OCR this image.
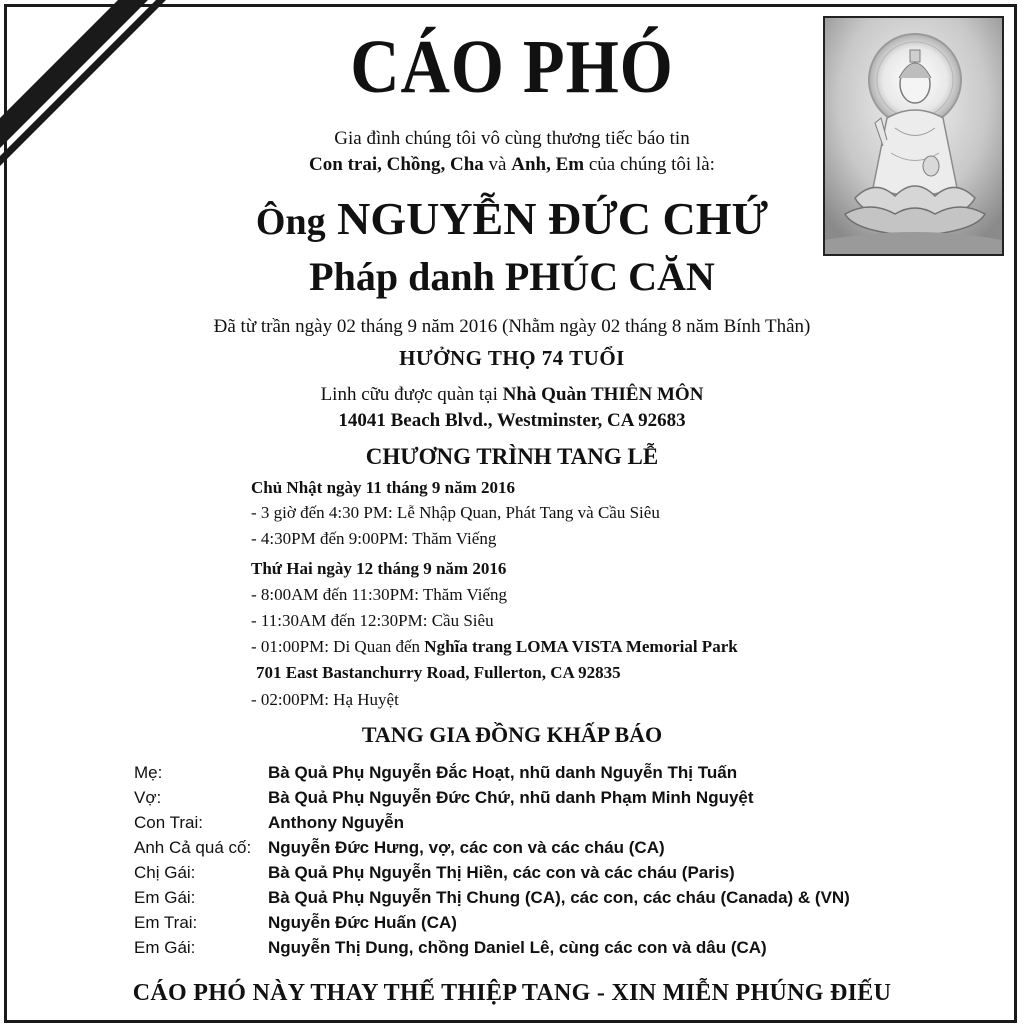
CÁO PHÓ
Gia đình chúng tôi vô cùng thương tiếc báo tin
Con trai, Chồng, Cha và Anh, Em của chúng tôi là:
Ông NGUYỄN ĐỨC CHỨ
Pháp danh PHÚC CĂN
Đã từ trần ngày 02 tháng 9 năm 2016 (Nhằm ngày 02 tháng 8 năm Bính Thân)
HƯỞNG THỌ 74 TUỔI
Linh cữu được quàn tại Nhà Quàn THIÊN MÔN
14041 Beach Blvd., Westminster, CA 92683
CHƯƠNG TRÌNH TANG LỄ
Chủ Nhật ngày 11 tháng 9 năm 2016
- 3 giờ đến 4:30 PM: Lễ Nhập Quan, Phát Tang và Cầu Siêu
- 4:30PM đến 9:00PM: Thăm Viếng
Thứ Hai ngày 12 tháng 9 năm 2016
- 8:00AM đến 11:30PM: Thăm Viếng
- 11:30AM đến 12:30PM: Cầu Siêu
- 01:00PM: Di Quan đến Nghĩa trang LOMA VISTA Memorial Park
701 East Bastanchurry Road, Fullerton, CA 92835
- 02:00PM: Hạ Huyệt
TANG GIA ĐỒNG KHẤP BÁO
Mẹ:	Bà Quả Phụ Nguyễn Đắc Hoạt, nhũ danh Nguyễn Thị Tuấn
Vợ:	Bà Quả Phụ Nguyễn Đức Chứ, nhũ danh Phạm Minh Nguyệt
Con Trai:	Anthony Nguyễn
Anh Cả quá cố: Nguyễn Đức Hưng, vợ, các con và các cháu (CA)
Chị Gái:	Bà Quả Phụ Nguyễn Thị Hiền, các con và các cháu (Paris)
Em Gái:	Bà Quả Phụ Nguyễn Thị Chung (CA), các con, các cháu (Canada) & (VN)
Em Trai:	Nguyễn Đức Huấn (CA)
Em Gái:	Nguyễn Thị Dung, chồng Daniel Lê, cùng các con và dâu (CA)
CÁO PHÓ NÀY THAY THẾ THIỆP TANG - XIN MIỄN PHÚNG ĐIẾU
